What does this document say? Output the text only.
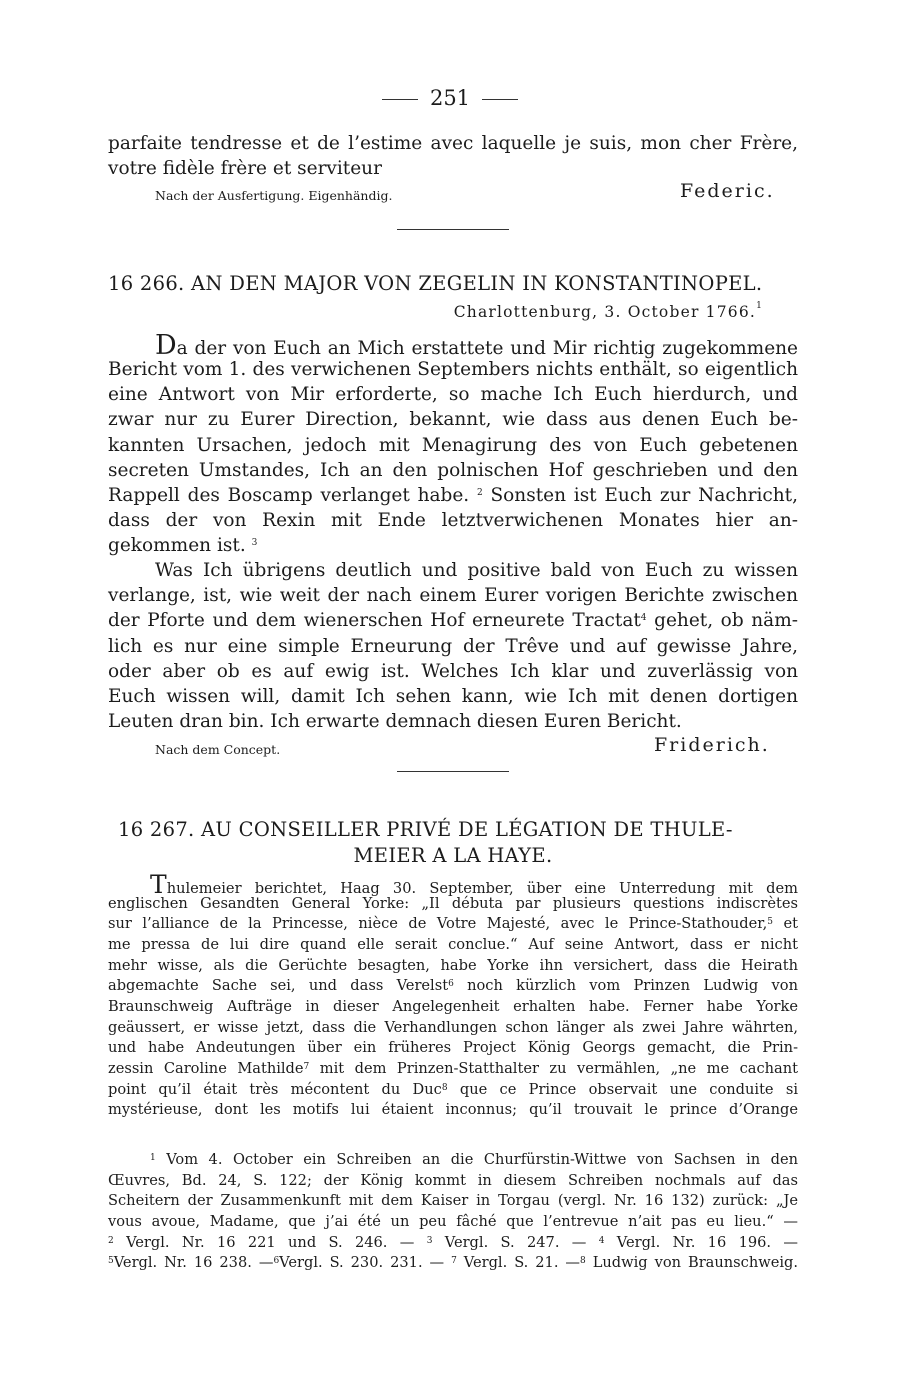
251
parfaite tendresse et de l’estime avec laquelle je suis, mon cher Frère,
votre fidèle frère et serviteur
Nach der Ausfertigung. Eigenhändig.	Federic.
16 266. AN DEN MAJOR VON ZEGELIN IN KONSTANTINOPEL.
Charlottenburg, 3. October 1766.$^1$
Da der von Euch an Mich erstattete und Mir richtig zugekommene
Bericht vom 1. des verwichenen Septembers nichts enthält, so eigentlich
eine Antwort von Mir erforderte, so mache Ich Euch hierdurch, und
zwar nur zu Eurer Direction, bekannt, wie dass aus denen Euch be-
kannten Ursachen, jedoch mit Menagirung des von Euch gebetenen
secreten Umstandes, Ich an den polnischen Hof geschrieben und den
Rappell des Boscamp verlanget habe. $^2$ Sonsten ist Euch zur Nachricht,
dass der von Rexin mit Ende letztverwichenen Monates hier an-
gekommen ist. $^3$
Was Ich übrigens deutlich und positive bald von Euch zu wissen
verlange, ist, wie weit der nach einem Eurer vorigen Berichte zwischen
der Pforte und dem wienerschen Hof erneurete Tractat$^4$ gehet, ob näm-
lich es nur eine simple Erneurung der Trêve und auf gewisse Jahre,
oder aber ob es auf ewig ist. Welches Ich klar und zuverlässig von
Euch wissen will, damit Ich sehen kann, wie Ich mit denen dortigen
Leuten dran bin. Ich erwarte demnach diesen Euren Bericht.
Nach dem Concept.	Friderich.
16 267. AU CONSEILLER PRIVÉ DE LÉGATION DE THULE-
MEIER A LA HAYE.
Thulemeier berichtet, Haag 30. September, über eine Unterredung mit dem
englischen Gesandten General Yorke: „Il débuta par plusieurs questions indiscrètes
sur l’alliance de la Princesse, nièce de Votre Majesté, avec le Prince-Stathouder,$^5$ et
me pressa de lui dire quand elle serait conclue.“ Auf seine Antwort, dass er nicht
mehr wisse, als die Gerüchte besagten, habe Yorke ihn versichert, dass die Heirath
abgemachte Sache sei, und dass Verelst$^6$ noch kürzlich vom Prinzen Ludwig von
Braunschweig Aufträge in dieser Angelegenheit erhalten habe. Ferner habe Yorke
geäussert, er wisse jetzt, dass die Verhandlungen schon länger als zwei Jahre währten,
und habe Andeutungen über ein früheres Project König Georgs gemacht, die Prin-
zessin Caroline Mathilde$^7$ mit dem Prinzen-Statthalter zu vermählen, „ne me cachant
point qu’il était très mécontent du Duc$^8$ que ce Prince observait une conduite si
mystérieuse, dont les motifs lui étaient inconnus; qu’il trouvait le prince d’Orange
$^1$ Vom 4. October ein Schreiben an die Churfürstin-Wittwe von Sachsen in den
Œuvres, Bd. 24, S. 122; der König kommt in diesem Schreiben nochmals auf das
Scheitern der Zusammenkunft mit dem Kaiser in Torgau (vergl. Nr. 16 132) zurück: „Je
vous avoue, Madame, que j’ai été un peu fâché que l’entrevue n’ait pas eu lieu.“ —
$^2$ Vergl. Nr. 16 221 und S. 246. — $^3$ Vergl. S. 247. — $^4$ Vergl. Nr. 16 196. —
$^5$Vergl. Nr. 16 238. —$^6$Vergl. S. 230. 231. — $^7$ Vergl. S. 21. —$^8$ Ludwig von Braunschweig.
